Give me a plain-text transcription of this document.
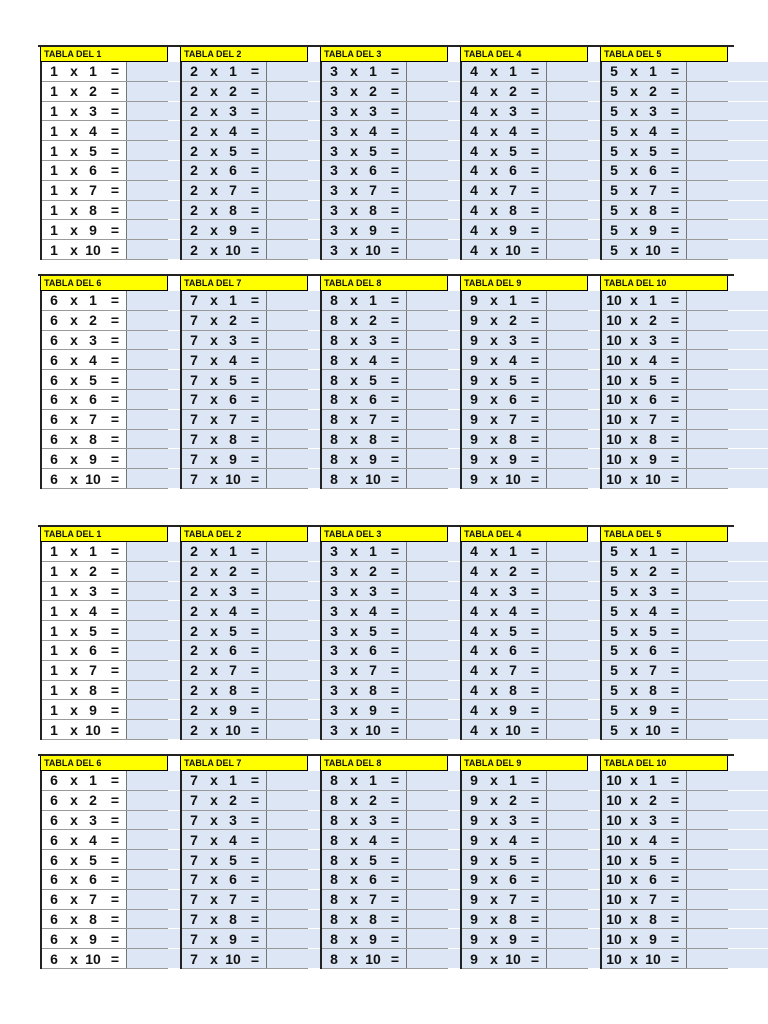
TABLA DEL 1
1 x 1	=
1 x 2	=
1 x 3	=
1 x 4	=
1 x 5	=
1 x 6	=
1 x 7	=
1 x 8	=
1 x 9	=
1 x 10 =
TABLA DEL 2
2 x 1	=
2 x 2	=
2 x 3	=
2 x 4	=
2 x 5	=
2 x 6	=
2 x 7	=
2 x 8	=
2 x 9	=
2 x 10 =
TABLA DEL 3
3 x 1	=
3 x 2	=
3 x 3	=
3 x 4	=
3 x 5	=
3 x 6	=
3 x 7	=
3 x 8	=
3 x 9	=
3 x 10 =
TABLA DEL 4
4 x 1	=
4 x 2	=
4 x 3	=
4 x 4	=
4 x 5	=
4 x 6	=
4 x 7	=
4 x 8	=
4 x 9	=
4 x 10 =
TABLA DEL 5
5 x 1	=
5 x 2	=
5 x 3	=
5 x 4	=
5 x 5	=
5 x 6	=
5 x 7	=
5 x 8	=
5 x 9	=
5 x 10 =
TABLA DEL 6
6 x 1	=
6 x 2	=
6 x 3	=
6 x 4	=
6 x 5	=
6 x 6	=
6 x 7	=
6 x 8	=
6 x 9	=
6 x 10 =
TABLA DEL 7
7 x 1	=
7 x 2	=
7 x 3	=
7 x 4	=
7 x 5	=
7 x 6	=
7 x 7	=
7 x 8	=
7 x 9	=
7 x 10 =
TABLA DEL 8
8 x 1	=
8 x 2	=
8 x 3	=
8 x 4	=
8 x 5	=
8 x 6	=
8 x 7	=
8 x 8	=
8 x 9	=
8 x 10 =
TABLA DEL 9
9 x 1	=
9 x 2	=
9 x 3	=
9 x 4	=
9 x 5	=
9 x 6	=
9 x 7	=
9 x 8	=
9 x 9	=
9 x 10 =
TABLA DEL 10
10 x 1	=
10 x 2	=
10 x 3	=
10 x 4	=
10 x 5	=
10 x 6	=
10 x 7	=
10 x 8	=
10 x 9	=
10 x 10 =
TABLA DEL 1
1 x 1	=
1 x 2	=
1 x 3	=
1 x 4	=
1 x 5	=
1 x 6	=
1 x 7	=
1 x 8	=
1 x 9	=
1 x 10 =
TABLA DEL 2
2 x 1	=
2 x 2	=
2 x 3	=
2 x 4	=
2 x 5	=
2 x 6	=
2 x 7	=
2 x 8	=
2 x 9	=
2 x 10 =
TABLA DEL 3
3 x 1	=
3 x 2	=
3 x 3	=
3 x 4	=
3 x 5	=
3 x 6	=
3 x 7	=
3 x 8	=
3 x 9	=
3 x 10 =
TABLA DEL 4
4 x 1	=
4 x 2	=
4 x 3	=
4 x 4	=
4 x 5	=
4 x 6	=
4 x 7	=
4 x 8	=
4 x 9	=
4 x 10 =
TABLA DEL 5
5 x 1	=
5 x 2	=
5 x 3	=
5 x 4	=
5 x 5	=
5 x 6	=
5 x 7	=
5 x 8	=
5 x 9	=
5 x 10 =
TABLA DEL 6
6 x 1	=
6 x 2	=
6 x 3	=
6 x 4	=
6 x 5	=
6 x 6	=
6 x 7	=
6 x 8	=
6 x 9	=
6 x 10 =
TABLA DEL 7
7 x 1	=
7 x 2	=
7 x 3	=
7 x 4	=
7 x 5	=
7 x 6	=
7 x 7	=
7 x 8	=
7 x 9	=
7 x 10 =
TABLA DEL 8
8 x 1	=
8 x 2	=
8 x 3	=
8 x 4	=
8 x 5	=
8 x 6	=
8 x 7	=
8 x 8	=
8 x 9	=
8 x 10 =
TABLA DEL 9
9 x 1	=
9 x 2	=
9 x 3	=
9 x 4	=
9 x 5	=
9 x 6	=
9 x 7	=
9 x 8	=
9 x 9	=
9 x 10 =
TABLA DEL 10
10 x 1	=
10 x 2	=
10 x 3	=
10 x 4	=
10 x 5	=
10 x 6	=
10 x 7	=
10 x 8	=
10 x 9	=
10 x 10 =
